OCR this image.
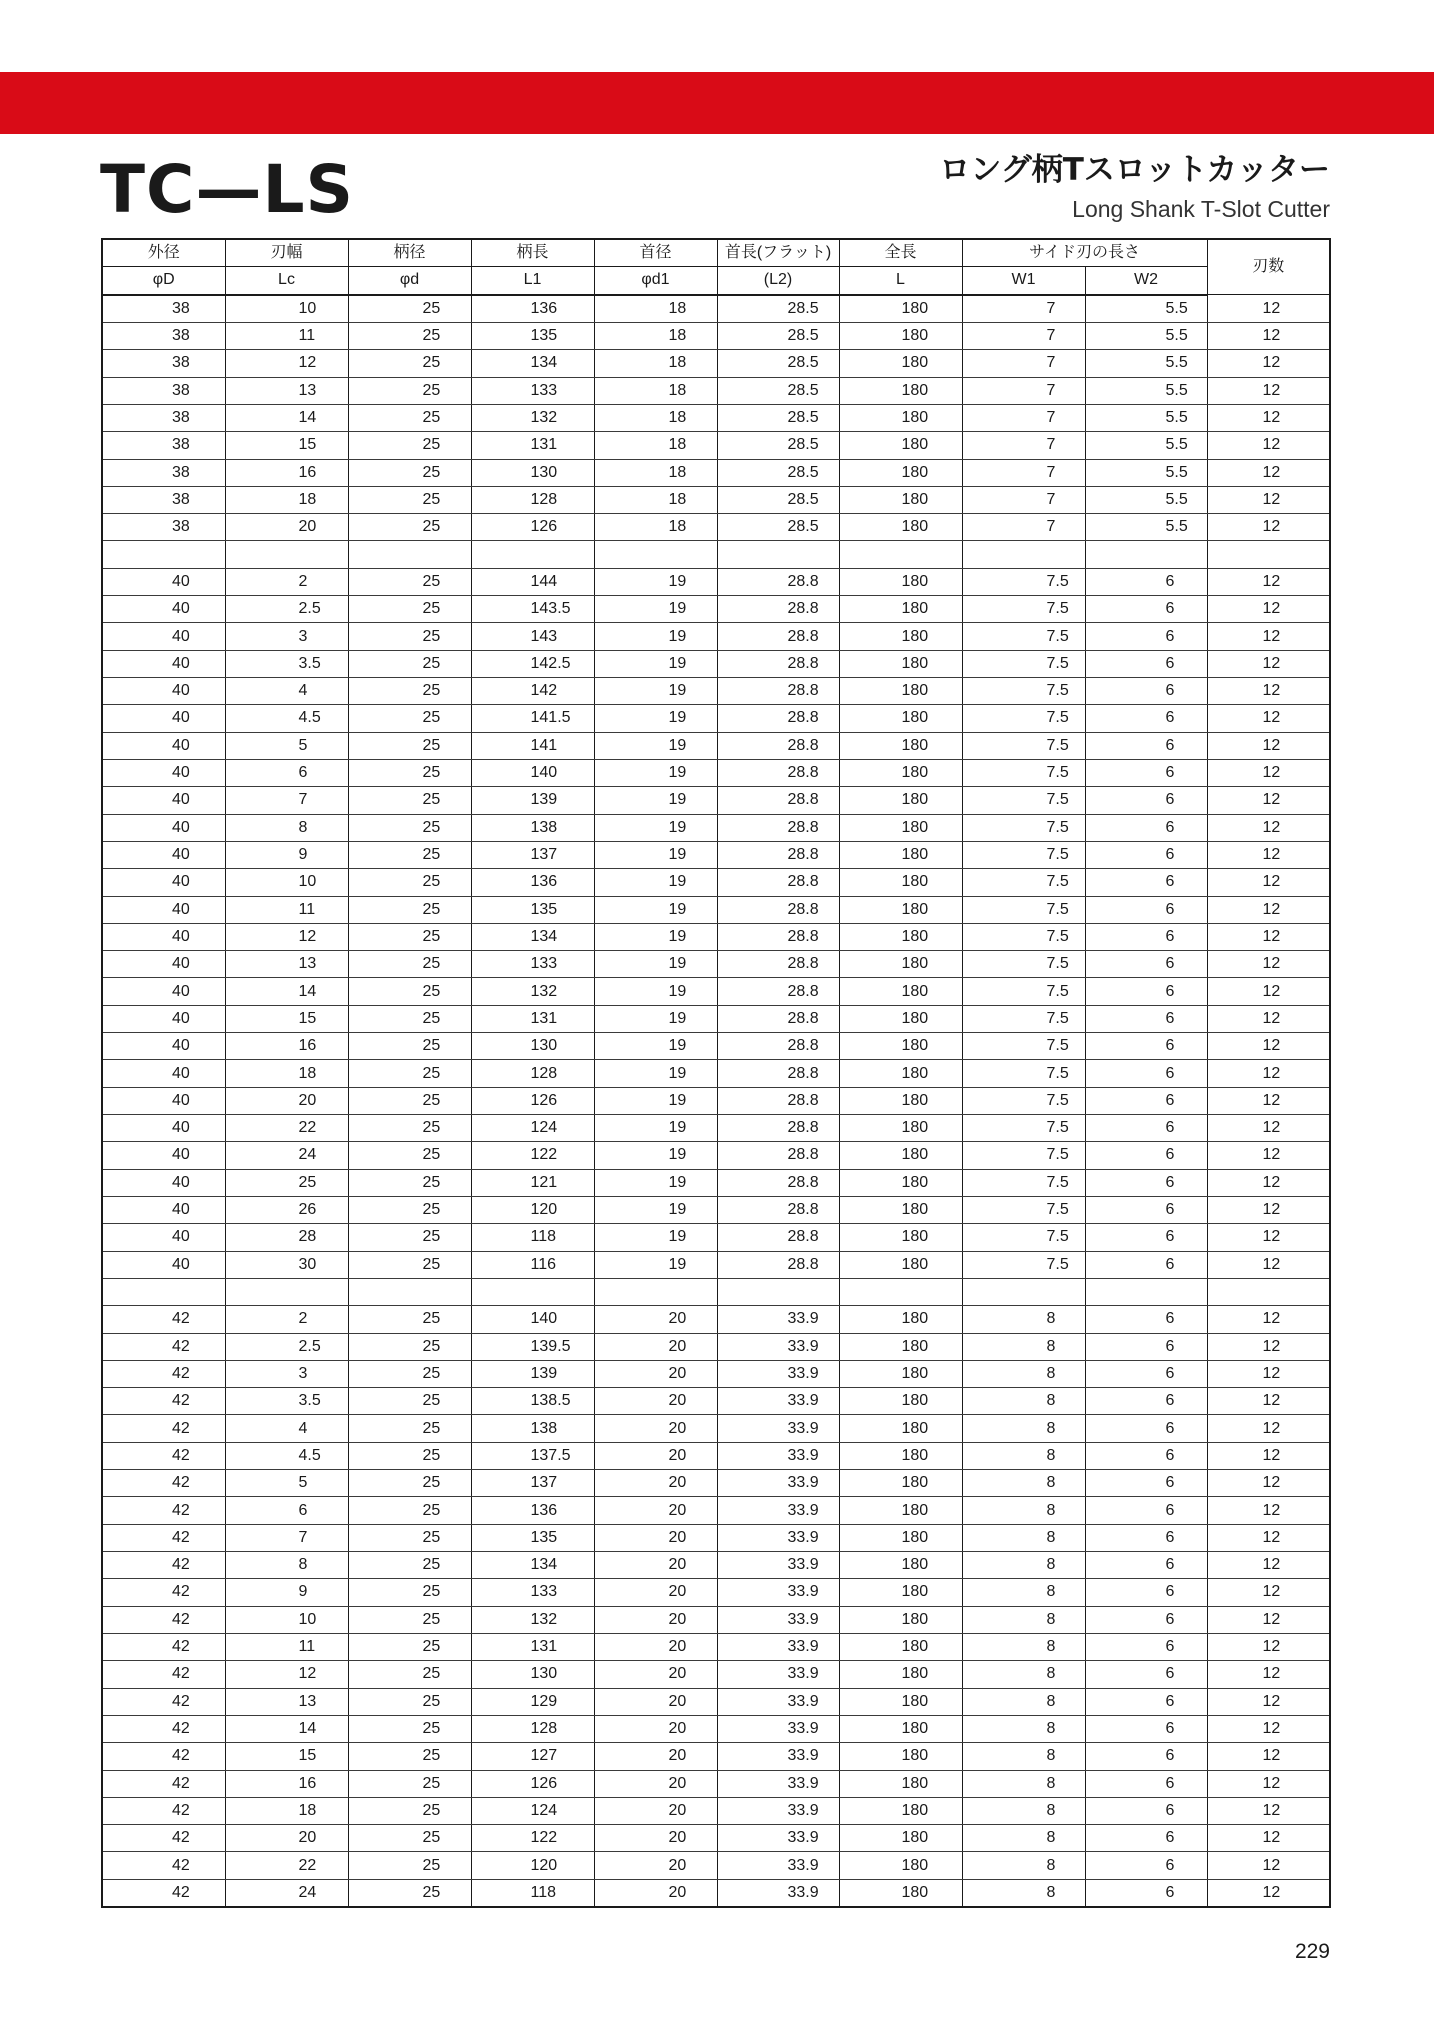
TC—LS	ロング柄Tスロットカッター

Long Shank T-Slot Cutter

外径	刃幅	柄径	柄長	首径	首長(フラット)	全長	サイド刃の長さ		刃数
φD	Lc	φd	L1	φd1	(L2)	L	W1	W2	
38	10	25	136	18	28.5	180	7	5.5	12
38	11	25	135	18	28.5	180	7	5.5	12
38	12	25	134	18	28.5	180	7	5.5	12
38	13	25	133	18	28.5	180	7	5.5	12
38	14	25	132	18	28.5	180	7	5.5	12
38	15	25	131	18	28.5	180	7	5.5	12
38	16	25	130	18	28.5	180	7	5.5	12
38	18	25	128	18	28.5	180	7	5.5	12
38	20	25	126	18	28.5	180	7	5.5	12

40	2	25	144	19	28.8	180	7.5	6	12
40	2.5	25	143.5	19	28.8	180	7.5	6	12
40	3	25	143	19	28.8	180	7.5	6	12
40	3.5	25	142.5	19	28.8	180	7.5	6	12
40	4	25	142	19	28.8	180	7.5	6	12
40	4.5	25	141.5	19	28.8	180	7.5	6	12
40	5	25	141	19	28.8	180	7.5	6	12
40	6	25	140	19	28.8	180	7.5	6	12
40	7	25	139	19	28.8	180	7.5	6	12
40	8	25	138	19	28.8	180	7.5	6	12
40	9	25	137	19	28.8	180	7.5	6	12
40	10	25	136	19	28.8	180	7.5	6	12
40	11	25	135	19	28.8	180	7.5	6	12
40	12	25	134	19	28.8	180	7.5	6	12
40	13	25	133	19	28.8	180	7.5	6	12
40	14	25	132	19	28.8	180	7.5	6	12
40	15	25	131	19	28.8	180	7.5	6	12
40	16	25	130	19	28.8	180	7.5	6	12
40	18	25	128	19	28.8	180	7.5	6	12
40	20	25	126	19	28.8	180	7.5	6	12
40	22	25	124	19	28.8	180	7.5	6	12
40	24	25	122	19	28.8	180	7.5	6	12
40	25	25	121	19	28.8	180	7.5	6	12
40	26	25	120	19	28.8	180	7.5	6	12
40	28	25	118	19	28.8	180	7.5	6	12
40	30	25	116	19	28.8	180	7.5	6	12

42	2	25	140	20	33.9	180	8	6	12
42	2.5	25	139.5	20	33.9	180	8	6	12
42	3	25	139	20	33.9	180	8	6	12
42	3.5	25	138.5	20	33.9	180	8	6	12
42	4	25	138	20	33.9	180	8	6	12
42	4.5	25	137.5	20	33.9	180	8	6	12
42	5	25	137	20	33.9	180	8	6	12
42	6	25	136	20	33.9	180	8	6	12
42	7	25	135	20	33.9	180	8	6	12
42	8	25	134	20	33.9	180	8	6	12
42	9	25	133	20	33.9	180	8	6	12
42	10	25	132	20	33.9	180	8	6	12
42	11	25	131	20	33.9	180	8	6	12
42	12	25	130	20	33.9	180	8	6	12
42	13	25	129	20	33.9	180	8	6	12
42	14	25	128	20	33.9	180	8	6	12
42	15	25	127	20	33.9	180	8	6	12
42	16	25	126	20	33.9	180	8	6	12
42	18	25	124	20	33.9	180	8	6	12
42	20	25	122	20	33.9	180	8	6	12
42	22	25	120	20	33.9	180	8	6	12
42	24	25	118	20	33.9	180	8	6	12

229
